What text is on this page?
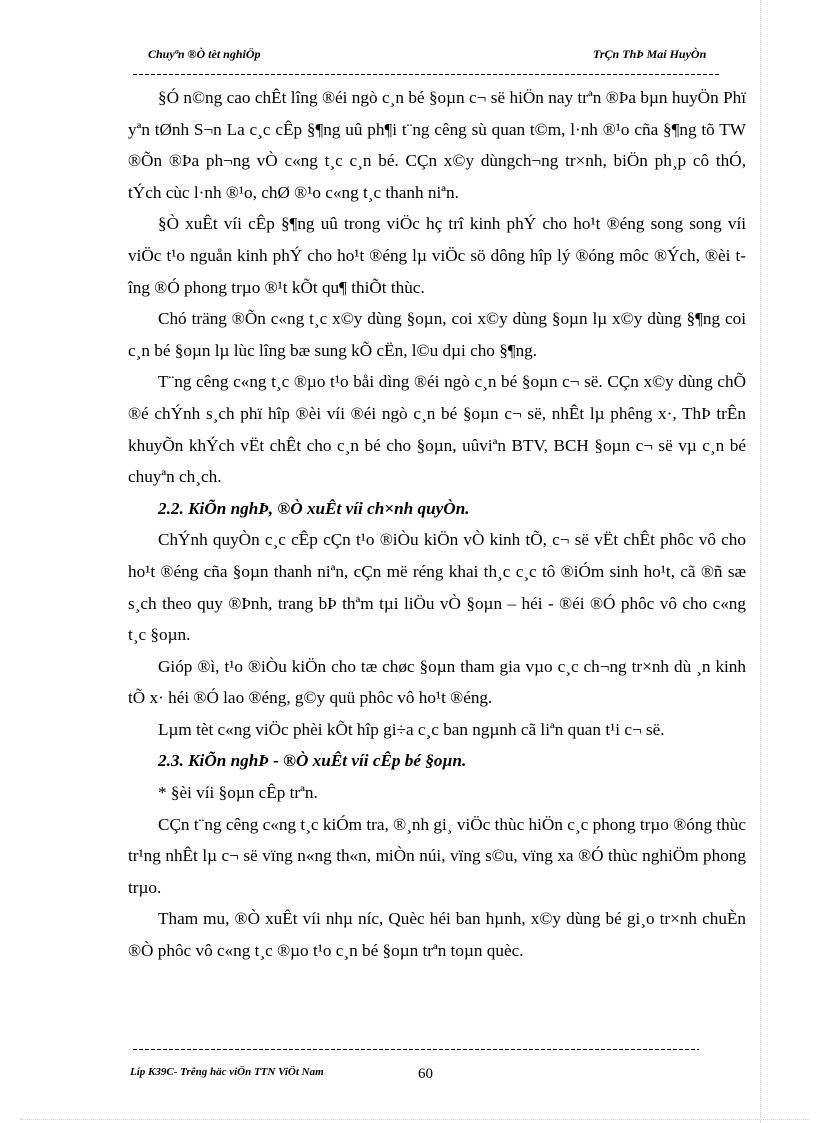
Chuyªn ®Ò tèt nghiÖp	TrÇn ThÞ Mai HuyÒn

§Ó n©ng cao chÊt lîng ®éi ngò c¸n bé §oµn c¬ së hiÖn nay trªn ®Þa bµn huyÖn Phï yªn tØnh S¬n La c¸c cÊp §¶ng uû ph¶i t¨ng cêng sù quan t©m, l·nh ®¹o cña §¶ng tõ TW ®Õn ®Þa ph¬ng vÒ c«ng t¸c c¸n bé. CÇn x©y dùngch¬ng tr×nh, biÖn ph¸p cô thÓ, tÝch cùc l·nh ®¹o, chØ ®¹o c«ng t¸c thanh niªn.

§Ò xuÊt víi cÊp §¶ng uû trong viÖc hç trî kinh phÝ cho ho¹t ®éng song song víi viÖc t¹o nguån kinh phÝ cho ho¹t ®éng lµ viÖc sö dông hîp lý ®óng môc ®Ých, ®èi tîng ®Ó phong trµo ®¹t kÕt qu¶ thiÕt thùc.

Chó träng ®Õn c«ng t¸c x©y dùng §oµn, coi x©y dùng §oµn lµ x©y dùng §¶ng coi c¸n bé §oµn lµ lùc lîng bæ sung kÕ cËn, l©u dµi cho §¶ng.

T¨ng cêng c«ng t¸c ®µo t¹o båi dìng ®éi ngò c¸n bé §oµn c¬ së. CÇn x©y dùng chÕ ®é chÝnh s¸ch phï hîp ®èi víi ®éi ngò c¸n bé §oµn c¬ së, nhÊt lµ phêng x·, ThÞ trÊn khuyÕn khÝch vËt chÊt cho c¸n bé cho §oµn, uûviªn BTV, BCH §oµn c¬ së vµ c¸n bé chuyªn ch¸ch.

2.2. KiÕn nghÞ, ®Ò xuÊt víi ch×nh quyÒn.

ChÝnh quyÒn c¸c cÊp cÇn t¹o ®iÒu kiÖn vÒ kinh tÕ, c¬ së vËt chÊt phôc vô cho ho¹t ®éng cña §oµn thanh niªn, cÇn më réng khai th¸c c¸c tô ®iÓm sinh ho¹t, cã ®ñ sæ s¸ch theo quy ®Þnh, trang bÞ thªm tµi liÖu vÒ §oµn – héi - ®éi ®Ó phôc vô cho c«ng t¸c §oµn.

Gióp ®ì, t¹o ®iÒu kiÖn cho tæ chøc §oµn tham gia vµo c¸c ch¬ng tr×nh dù ¸n kinh tÕ x· héi ®Ó lao ®éng, g©y quü phôc vô ho¹t ®éng.

Lµm tèt c«ng viÖc phèi kÕt hîp gi÷a c¸c ban ngµnh cã liªn quan t¹i c¬ së.

2.3. KiÕn nghÞ - ®Ò xuÊt víi cÊp bé §oµn.

* §èi víi §oµn cÊp trªn.

CÇn t¨ng cêng c«ng t¸c kiÓm tra, ®¸nh gi¸ viÖc thùc hiÖn c¸c phong trµo ®óng thùc tr¹ng nhÊt lµ c¬ së vïng n«ng th«n, miÒn núi, vïng s©u, vïng xa ®Ó thùc nghiÖm phong trµo.

Tham mu, ®Ò xuÊt víi nhµ níc, Quèc héi ban hµnh, x©y dùng bé gi¸o tr×nh chuÈn ®Ò phôc vô c«ng t¸c ®µo t¹o c¸n bé §oµn trªn toµn quèc.

Líp K39C- Trêng häc viÖn TTN ViÖt Nam	60
